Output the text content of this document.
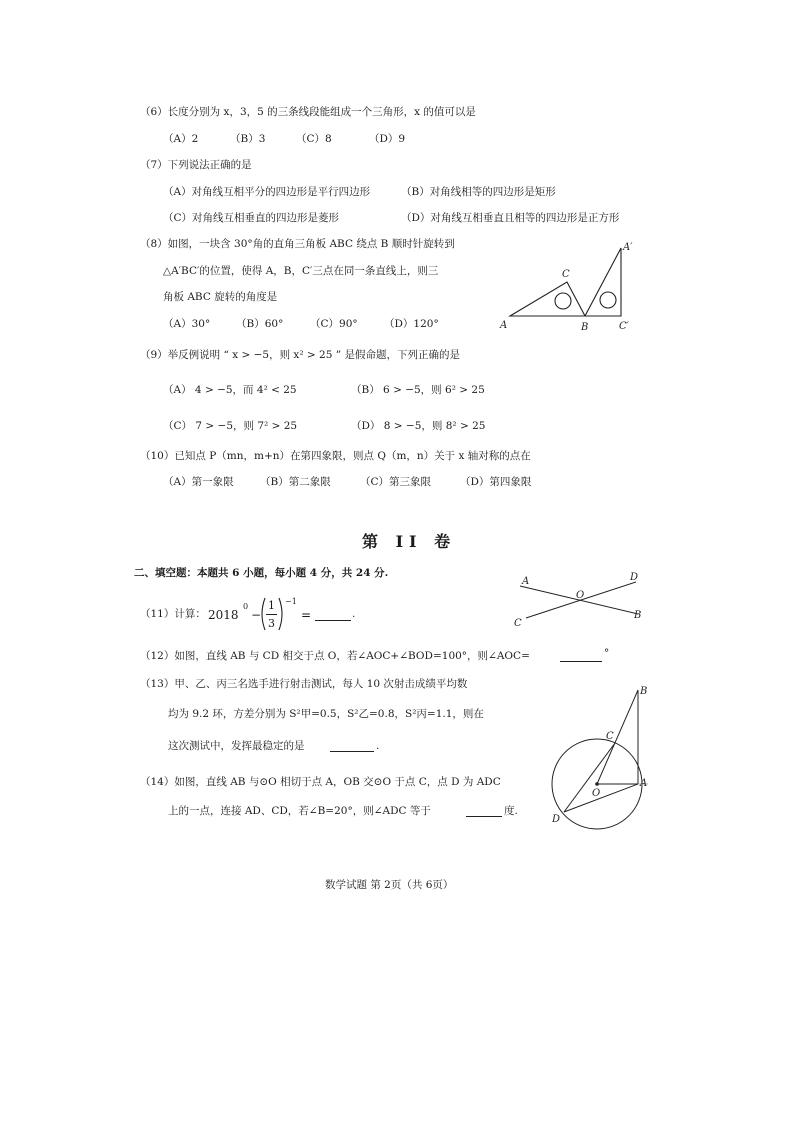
（6）长度分别为 x，3，5 的三条线段能组成一个三角形，x 的值可以是
（A）2	（B）3	（C）8	（D）9
（7）下列说法正确的是
（A）对角线互相平分的四边形是平行四边形	（B）对角线相等的四边形是矩形
（C）对角线互相垂直的四边形是菱形	（D）对角线互相垂直且相等的四边形是正方形
（8）如图，一块含 30°角的直角三角板 ABC 绕点 B 顺时针旋转到
△A′BC′的位置，使得 A，B，C′三点在同一条直线上，则三
角板 ABC 旋转的角度是
（A）30° （B）60°	（C）90°	（D）120°	A	B
C
A′
C′
（9）举反例说明 “ x > −5，则 x² > 25 ” 是假命题，下列正确的是
（A） 4 > −5，而 4² < 25	（B） 6 > −5，则 6² > 25
（C） 7 > −5，则 7² > 25	（D） 8 > −5，则 8² > 25
（10）已知点 P（mn，m+n）在第四象限，则点 Q（m，n）关于 x 轴对称的点在
（A）第一象限	（B）第二象限	（C）第三象限	（D）第四象限
第 II 卷
二、填空题：本题共 6 小题，每小题 4 分，共 24 分.
（11）计算： 2018
0
−
1
3
−1
=	.
A	D
O
C
B
（12）如图，直线 AB 与 CD 相交于点 O，若∠AOC+∠BOD=100°，则∠AOC=	°
（13）甲、乙、丙三名选手进行射击测试，每人 10 次射击成绩平均数
均为 9.2 环，方差分别为 S²甲=0.5，S²乙=0.8，S²丙=1.1，则在
这次测试中，发挥最稳定的是	.
（14）如图，直线 AB 与⊙O 相切于点 A，OB 交⊙O 于点 C，点 D 为 ADC
上的一点，连接 AD、CD，若∠B=20°，则∠ADC 等于	度.
B
C
A
O
D
数学试题 第 2页（共 6页）
